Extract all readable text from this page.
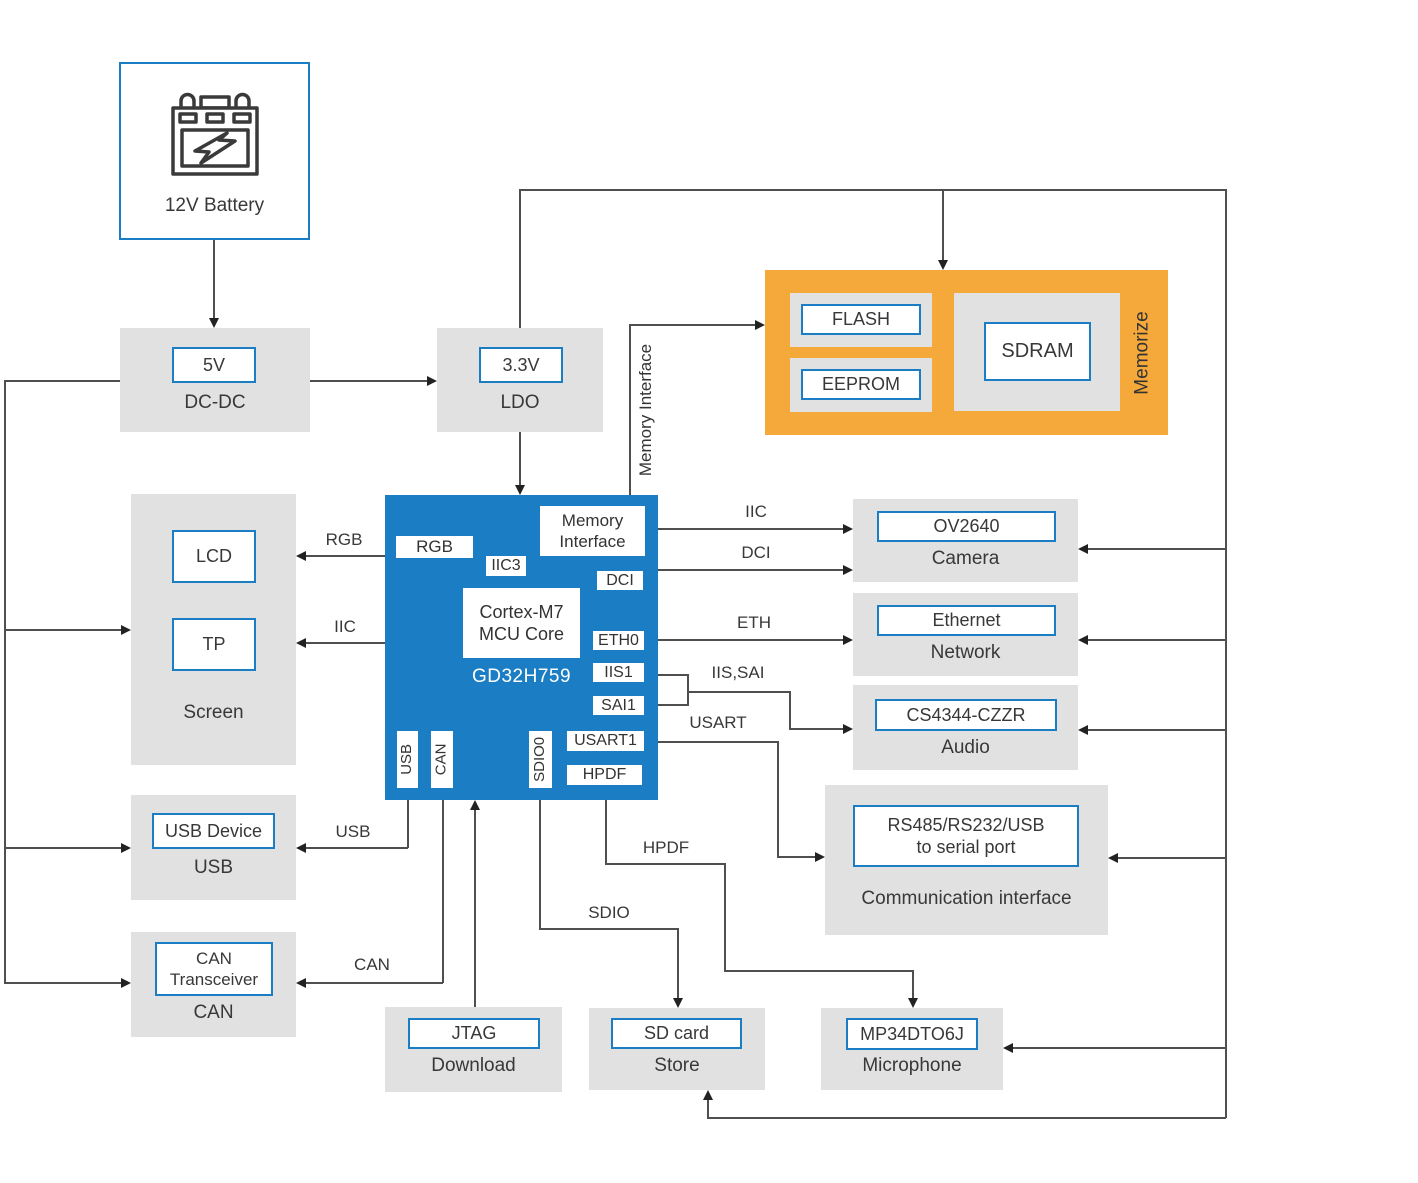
RGB
IIC
USB
CAN
SDIO
HPDF
USART
IIS,SAI
IIC
DCI
ETH
Memory Interface
12V Battery
5V
DC-DC
3.3V
LDO
FLASH
EEPROM
SDRAM	Memorize
Memory Interface
RGB
IIC3
DCI
Cortex-M7 MCU Core	ETH0
IIS1
SAI1
GD32H759
USART1
HPDF
USB CAN	SDIO0
LCD
TP
Screen
USB Device
USB
CAN Transceiver
CAN
JTAG
Download
SD card
Store
MP34DTO6J
Microphone
OV2640
Camera
Ethernet
Network
CS4344-CZZR
Audio
RS485/RS232/USB
to serial port
Communication interface
